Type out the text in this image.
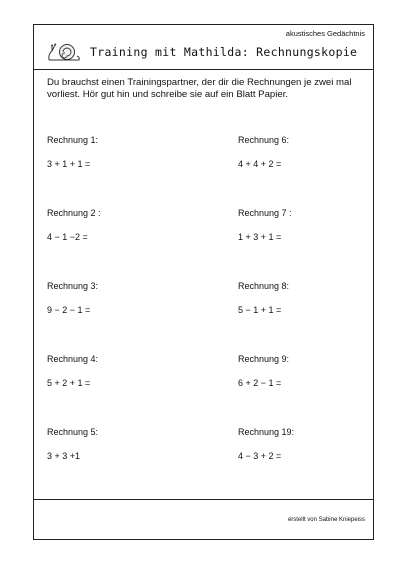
akustisches Gedächtnis
Training mit Mathilda: Rechnungskopie
Du brauchst einen Trainingspartner, der dir die Rechnungen je zwei mal vorliest. Hör gut hin und schreibe sie auf ein Blatt Papier.
Rechnung 1:
3 + 1 + 1 =
Rechnung 2 :
4 − 1 −2 =
Rechnung 3:
9 − 2 − 1 =
Rechnung 4:
5 + 2 + 1 =
Rechnung 5:
3 + 3 +1
Rechnung 6:
4 + 4 + 2 =
Rechnung 7 :
1 + 3 + 1 =
Rechnung 8:
5 − 1 + 1 =
Rechnung 9:
6 + 2 − 1 =
Rechnung 19:
4 − 3 + 2 =
erstellt von Sabine Kniepeiss
